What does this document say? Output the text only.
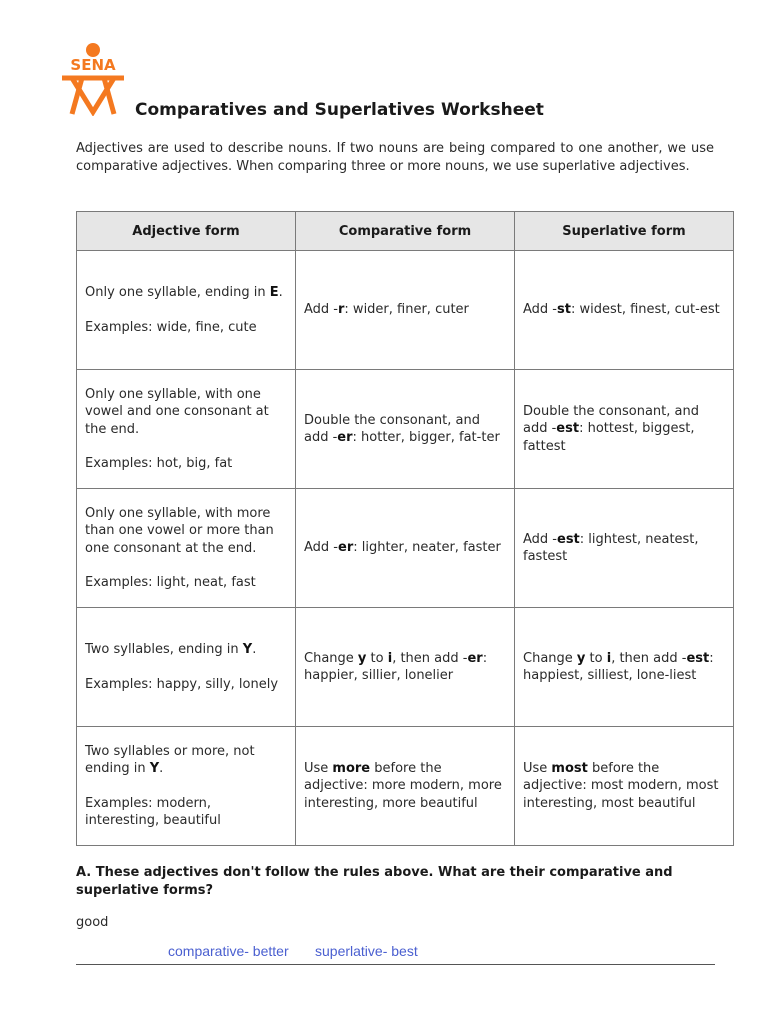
SENA
Comparatives and Superlatives Worksheet

Adjectives are used to describe nouns. If two nouns are being compared to one another, we use comparative adjectives. When comparing three or more nouns, we use superlative adjectives.

Adjective form	Comparative form	Superlative form
Only one syllable, ending in E.
Examples: wide, fine, cute	Add -r: wider, finer, cuter	Add -st: widest, finest, cut-est
Only one syllable, with one vowel and one consonant at the end.
Examples: hot, big, fat	Double the consonant, and add -er: hotter, bigger, fat-ter	Double the consonant, and add -est: hottest, biggest, fattest
Only one syllable, with more than one vowel or more than one consonant at the end.
Examples: light, neat, fast	Add -er: lighter, neater, faster	Add -est: lightest, neatest, fastest
Two syllables, ending in Y.
Examples: happy, silly, lonely	Change y to i, then add -er: happier, sillier, lonelier	Change y to i, then add -est: happiest, silliest, lone-liest
Two syllables or more, not ending in Y.
Examples: modern, interesting, beautiful	Use more before the adjective: more modern, more interesting, more beautiful	Use most before the adjective: most modern, most interesting, most beautiful

A. These adjectives don't follow the rules above. What are their comparative and superlative forms?

good
comparative- better superlative- best
